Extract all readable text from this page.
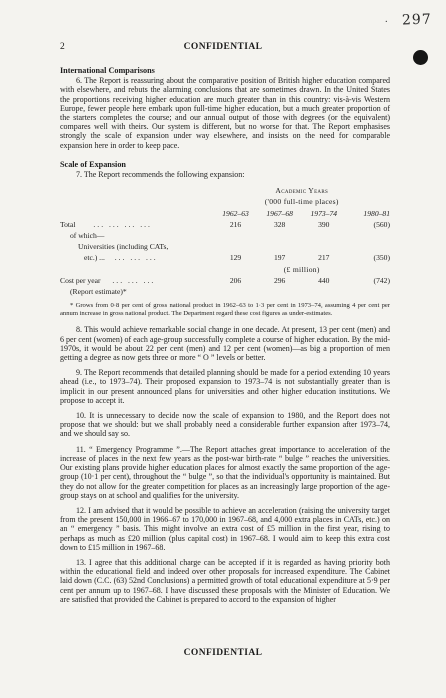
297
·
CONFIDENTIAL
2
International Comparisons

6. The Report is reassuring about the comparative position of British higher education compared with elsewhere, and rebuts the alarming conclusions that are sometimes drawn. In the United States the proportions receiving higher education are much greater than in this country: vis-à-vis Western Europe, fewer people here embark upon full-time higher education, but a much greater proportion of the starters completes the course; and our annual output of those with degrees (or the equivalent) compares well with theirs. Our system is different, but no worse for that. The Report emphasises strongly the scale of expansion under way elsewhere, and insists on the need for comparable expansion here in order to keep pace.

Scale of Expansion

7. The Report recommends the following expansion:

	Academic Years			
	('000 full-time places)			
	1962–63	1967–68	1973–74	1980–81
Total ... ... ... ...	216	328	390	(560)
of which—				
Universities (including CATs,				
etc.) ... ... ... ...	129	197	217	(350)
		(£ million)		
Cost per year ... ... ...	206	296	440	(742)
(Report estimate)*				
* Grows from 0·8 per cent of gross national product in 1962–63 to 1·3 per cent in 1973–74, assuming 4 per cent per annum increase in gross national product. The Department regard these cost figures as under-estimates.

8. This would achieve remarkable social change in one decade. At present, 13 per cent (men) and 6 per cent (women) of each age-group successfully complete a course of higher education. By the mid-1970s, it would be about 22 per cent (men) and 12 per cent (women)—as big a proportion of men getting a degree as now gets three or more “ O ” levels or better.

9. The Report recommends that detailed planning should be made for a period extending 10 years ahead (i.e., to 1973–74). Their proposed expansion to 1973–74 is not substantially greater than is implicit in our present announced plans for universities and other higher education institutions. We propose to accept it.

10. It is unnecessary to decide now the scale of expansion to 1980, and the Report does not propose that we should: but we shall probably need a considerable further expansion after 1973–74, and we should say so.

11. “ Emergency Programme ”.—The Report attaches great importance to acceleration of the increase of places in the next few years as the post-war birth-rate “ bulge ” reaches the universities. Our existing plans provide higher education places for almost exactly the same proportion of the age-group (10·1 per cent), throughout the “ bulge ”, so that the individual's opportunity is maintained. But they do not allow for the greater competition for places as an increasingly large proportion of the age-group stays on at school and qualifies for the university.

12. I am advised that it would be possible to achieve an acceleration (raising the university target from the present 150,000 in 1966–67 to 170,000 in 1967–68, and 4,000 extra places in CATs, etc.) on an “ emergency ” basis. This might involve an extra cost of £5 million in the first year, rising to perhaps as much as £20 million (plus capital cost) in 1967–68. I would aim to keep this extra cost down to £15 million in 1967–68.

13. I agree that this additional charge can be accepted if it is regarded as having priority both within the educational field and indeed over other proposals for increased expenditure. The Cabinet laid down (C.C. (63) 52nd Conclusions) a permitted growth of total educational expenditure at 5·9 per cent per annum up to 1967–68. I have discussed these proposals with the Minister of Education. We are satisfied that provided the Cabinet is prepared to accord to the expansion of higher

CONFIDENTIAL
